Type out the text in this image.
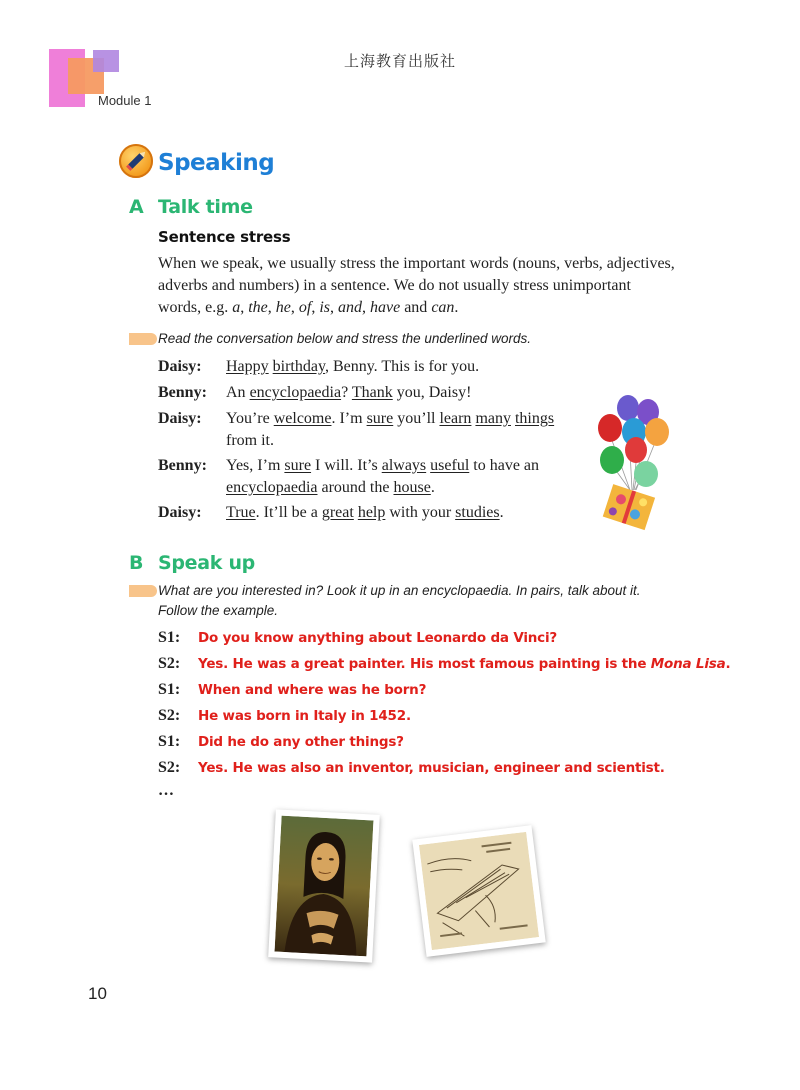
上海教育出版社
Module 1
Speaking
A Talk time
Sentence stress
When we speak, we usually stress the important words (nouns, verbs, adjectives, adverbs and numbers) in a sentence. We do not usually stress unimportant words, e.g. a, the, he, of, is, and, have and can.
Read the conversation below and stress the underlined words.
Daisy:	Happy birthday, Benny. This is for you.
Benny:	An encyclopaedia? Thank you, Daisy!
Daisy:	You’re welcome. I’m sure you’ll learn many things from it.
Benny:	Yes, I’m sure I will. It’s always useful to have an encyclopaedia around the house.
Daisy:	True. It’ll be a great help with your studies.
B Speak up
What are you interested in? Look it up in an encyclopaedia. In pairs, talk about it.
Follow the example.
S1: Do you know anything about Leonardo da Vinci?
S2: Yes. He was a great painter. His most famous painting is the Mona Lisa.
S1: When and where was he born?
S2: He was born in Italy in 1452.
S1: Did he do any other things?
S2: Yes. He was also an inventor, musician, engineer and scientist.
…
10
